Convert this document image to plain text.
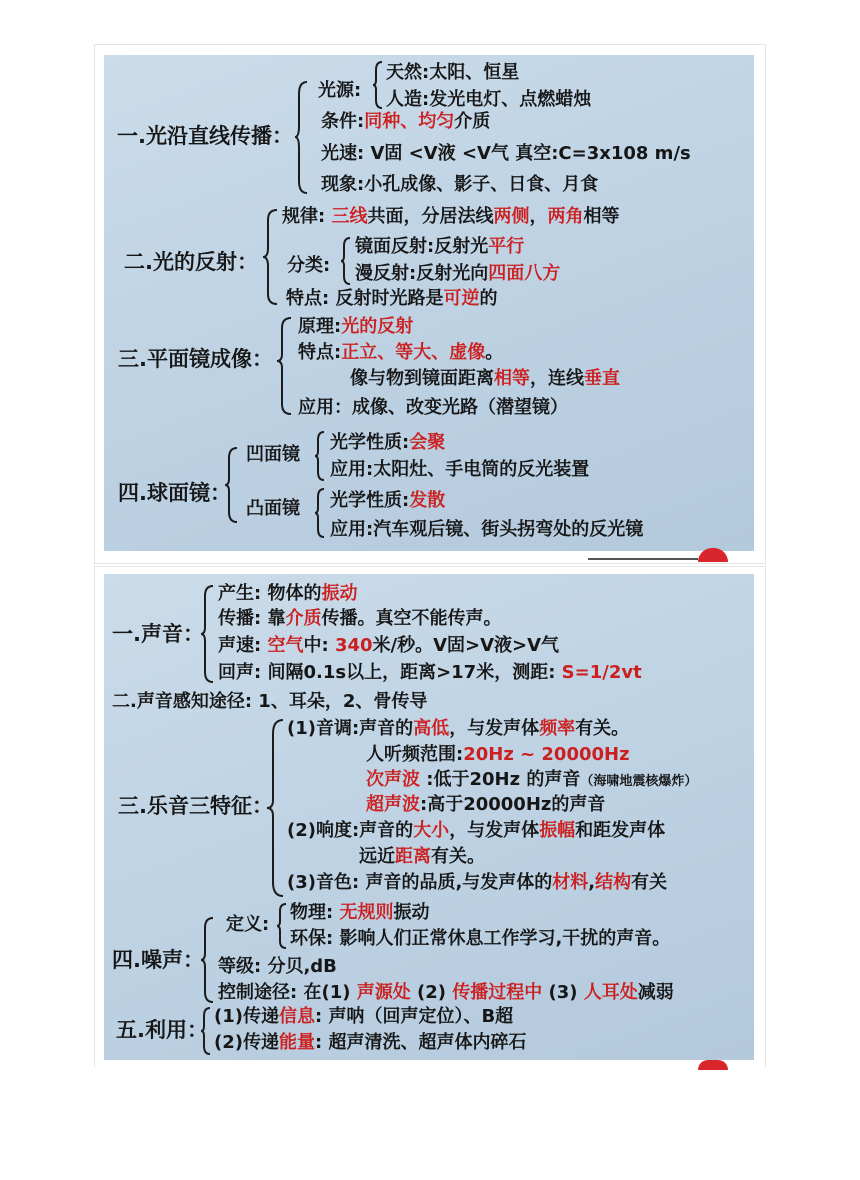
一.光沿直线传播：
光源:
天然:太阳、恒星
人造:发光电灯、点燃蜡烛
条件:同种、均匀介质
光速: V固 <V液 <V气 真空:C=3x108 m/s
现象:小孔成像、影子、日食、月食
二.光的反射：
规律: 三线共面，分居法线两侧，两角相等
分类:
镜面反射:反射光平行
漫反射:反射光向四面八方
特点: 反射时光路是可逆的
三.平面镜成像：
原理:光的反射
特点:正立、等大、虚像。
像与物到镜面距离相等，连线垂直
应用：成像、改变光路（潜望镜）
四.球面镜：
凹面镜
光学性质:会聚
应用:太阳灶、手电筒的反光装置
凸面镜 光学性质:发散
应用:汽车观后镜、街头拐弯处的反光镜
一.声音：
产生: 物体的振动
传播: 靠介质传播。真空不能传声。
声速: 空气中: 340米/秒。V固>V液>V气
回声: 间隔0.1s以上，距离>17米，测距: S=1/2vt
二.声音感知途径: 1、耳朵，2、骨传导
三.乐音三特征：
(1)音调:声音的高低，与发声体频率有关。
人听频范围:20Hz ~ 20000Hz
次声波 :低于20Hz 的声音（海啸地震核爆炸）
超声波:高于20000Hz的声音
(2)响度:声音的大小，与发声体振幅和距发声体
远近距离有关。
(3)音色: 声音的品质,与发声体的材料,结构有关
四.噪声：
定义:
物理: 无规则振动
环保: 影响人们正常休息工作学习,干扰的声音。
等级: 分贝,dB
控制途径: 在(1) 声源处 (2) 传播过程中 (3) 人耳处减弱
五.利用：
(1)传递信息: 声呐（回声定位）、B超
(2)传递能量: 超声清洗、超声体内碎石
